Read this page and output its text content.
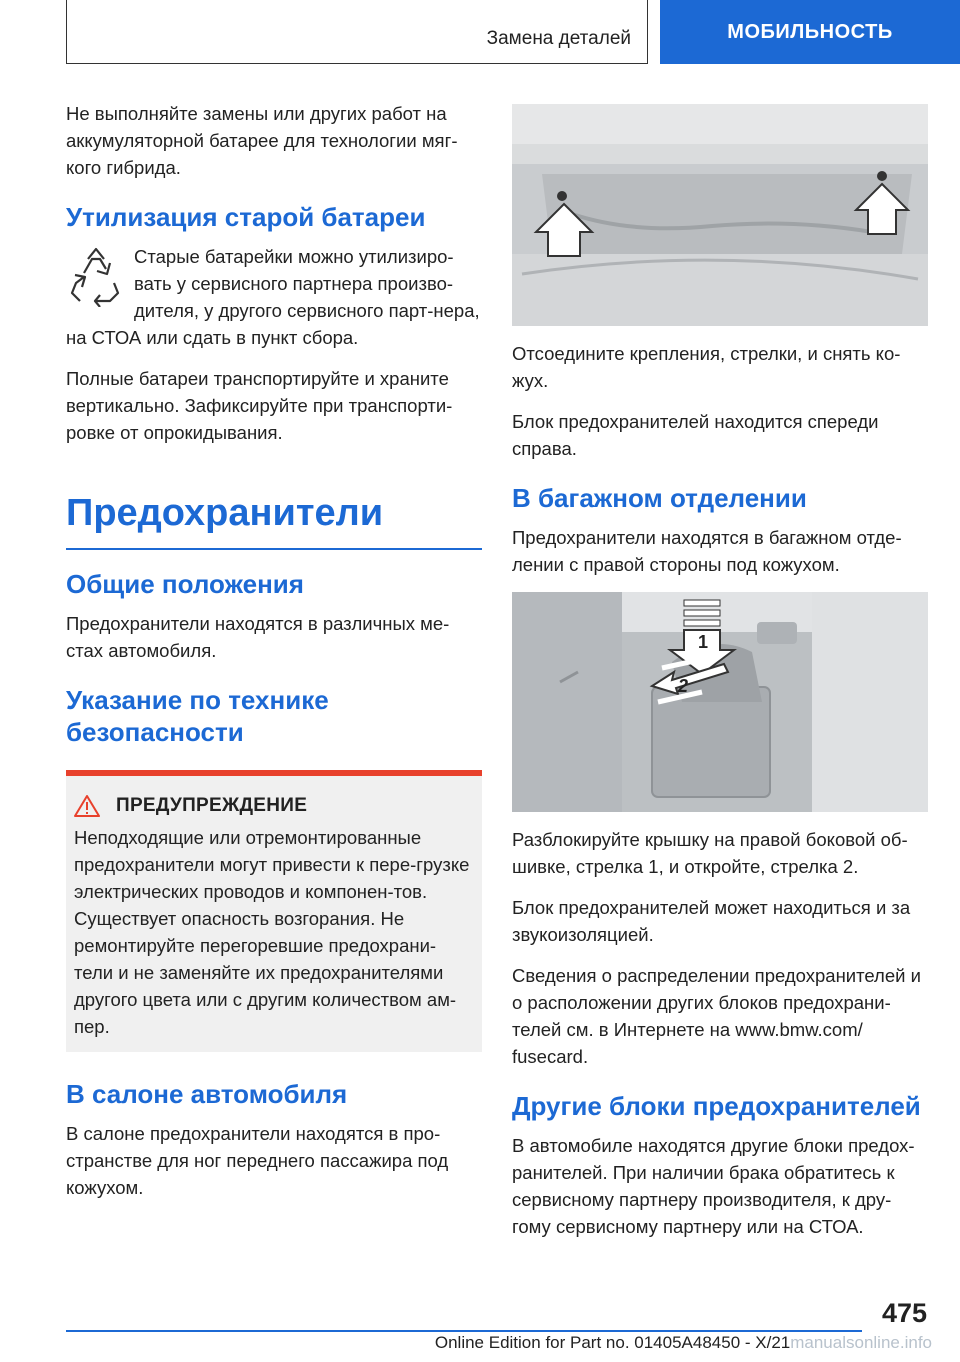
Замена деталей	МОБИЛЬНОСТЬ

Не выполняйте замены или других работ на аккумуляторной батарее для технологии мяг-кого гибрида.

Утилизация старой батареи

Старые батарейки можно утилизиро-вать у сервисного партнера произво-дителя, у другого сервисного парт-нера, на СТОА или сдать в пункт сбора.

Полные батареи транспортируйте и храните вертикально. Зафиксируйте при транспорти-ровке от опрокидывания.

Предохранители
Общие положения

Предохранители находятся в различных ме-стах автомобиля.

Указание по технике безопасности
ПРЕДУПРЕЖДЕНИЕ

Неподходящие или отремонтированные предохранители могут привести к пере-грузке электрических проводов и компонен-тов. Существует опасность возгорания. Не ремонтируйте перегоревшие предохрани-тели и не заменяйте их предохранителями другого цвета или с другим количеством ам-пер.

В салоне автомобиля

В салоне предохранители находятся в про-странстве для ног переднего пассажира под кожухом.

Отсоедините крепления, стрелки, и снять ко-жух.

Блок предохранителей находится спереди справа.

В багажном отделении

Предохранители находятся в багажном отде-лении с правой стороны под кожухом.

1
2

Разблокируйте крышку на правой боковой об-шивке, стрелка 1, и откройте, стрелка 2.

Блок предохранителей может находиться и за звукоизоляцией.

Сведения о распределении предохранителей и о расположении других блоков предохрани-телей см. в Интернете на www.bmw.com/ fusecard.

Другие блоки предохранителей

В автомобиле находятся другие блоки предох-ранителей. При наличии брака обратитесь к сервисному партнеру производителя, к дру-гому сервисному партнеру или на СТОА.

475
Online Edition for Part no. 01405A48450 - X/21manualsonline.info
